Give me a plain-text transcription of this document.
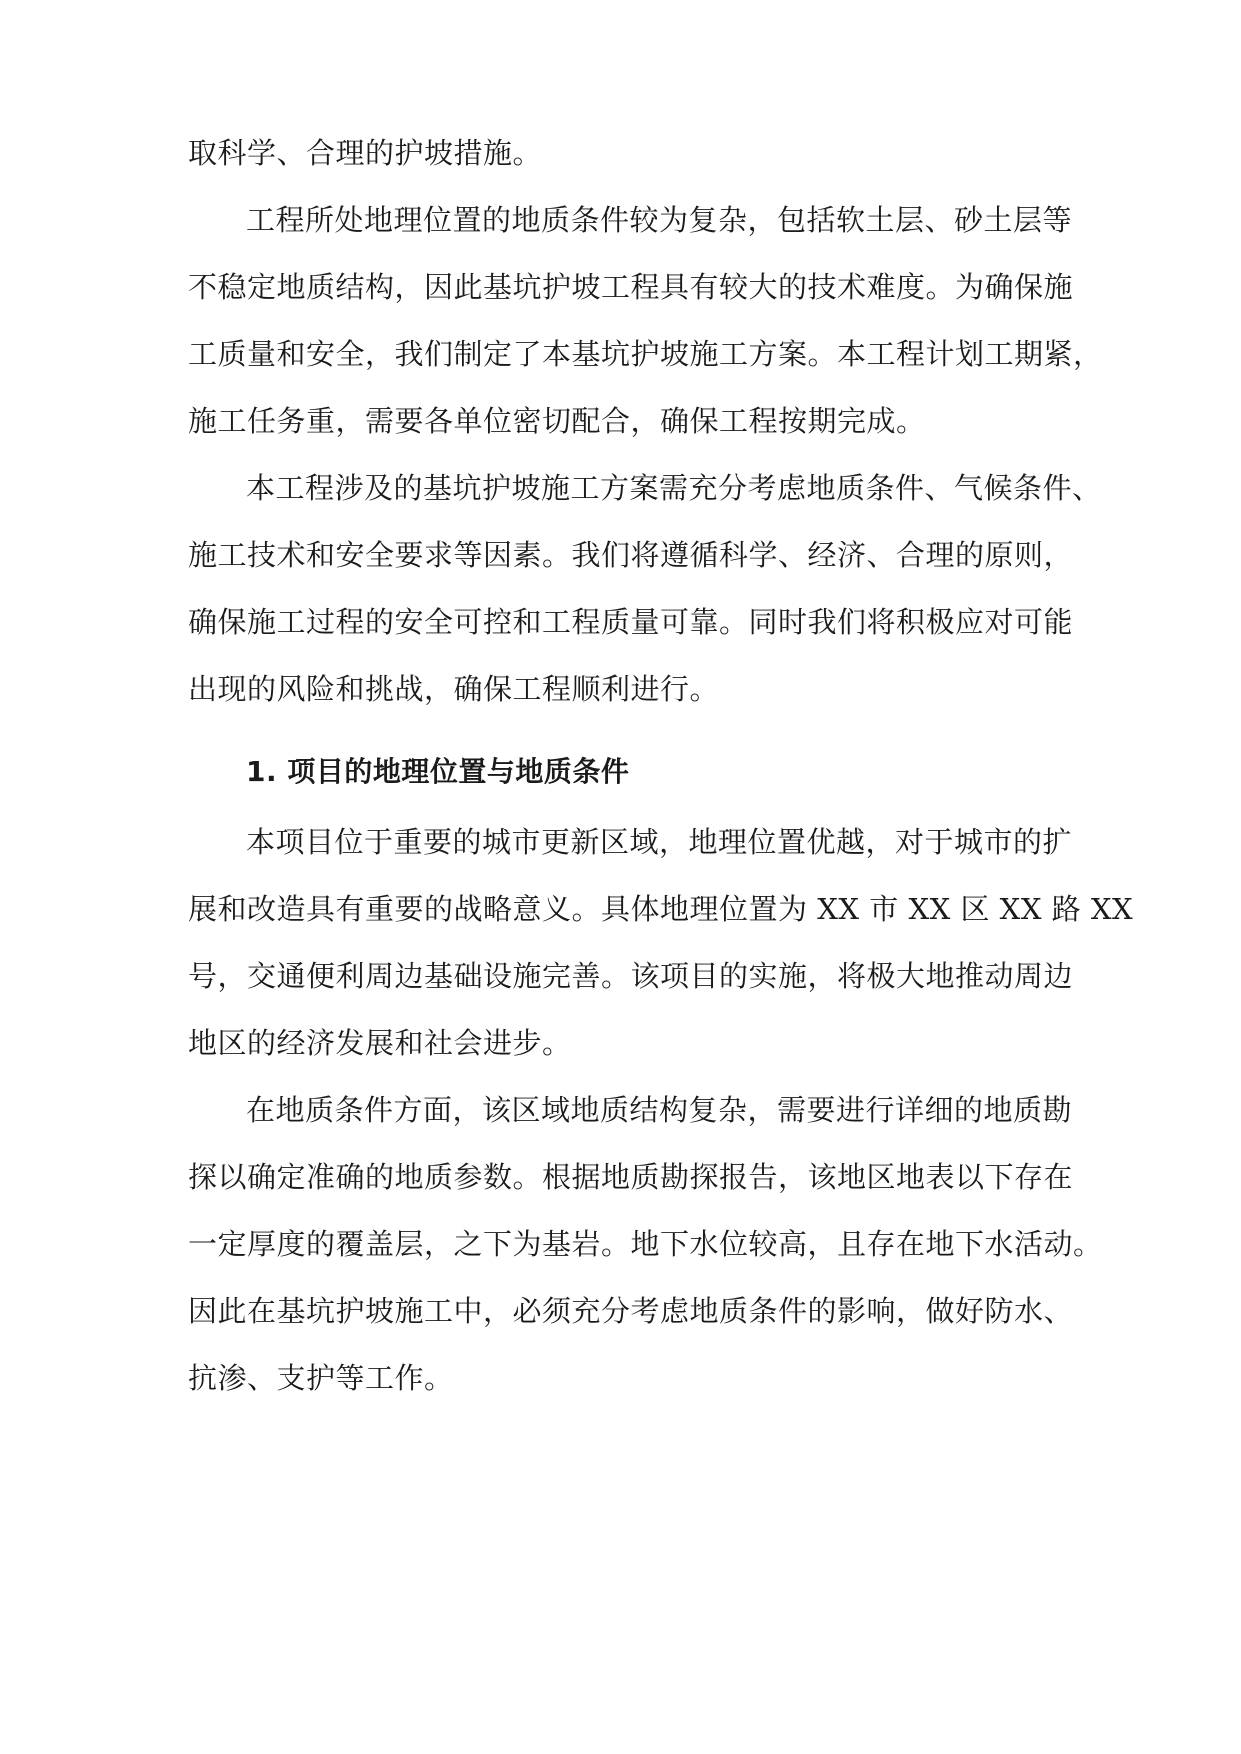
取科学、合理的护坡措施。
工程所处地理位置的地质条件较为复杂，包括软土层、砂土层等
不稳定地质结构，因此基坑护坡工程具有较大的技术难度。为确保施
工质量和安全，我们制定了本基坑护坡施工方案。本工程计划工期紧，
施工任务重，需要各单位密切配合，确保工程按期完成。
本工程涉及的基坑护坡施工方案需充分考虑地质条件、气候条件、
施工技术和安全要求等因素。我们将遵循科学、经济、合理的原则，
确保施工过程的安全可控和工程质量可靠。同时我们将积极应对可能
出现的风险和挑战，确保工程顺利进行。
1. 项目的地理位置与地质条件
本项目位于重要的城市更新区域，地理位置优越，对于城市的扩
展和改造具有重要的战略意义。具体地理位置为 XX 市 XX 区 XX 路 XX
号，交通便利周边基础设施完善。该项目的实施，将极大地推动周边
地区的经济发展和社会进步。
在地质条件方面，该区域地质结构复杂，需要进行详细的地质勘
探以确定准确的地质参数。根据地质勘探报告，该地区地表以下存在
一定厚度的覆盖层，之下为基岩。地下水位较高，且存在地下水活动。
因此在基坑护坡施工中，必须充分考虑地质条件的影响，做好防水、
抗渗、支护等工作。
